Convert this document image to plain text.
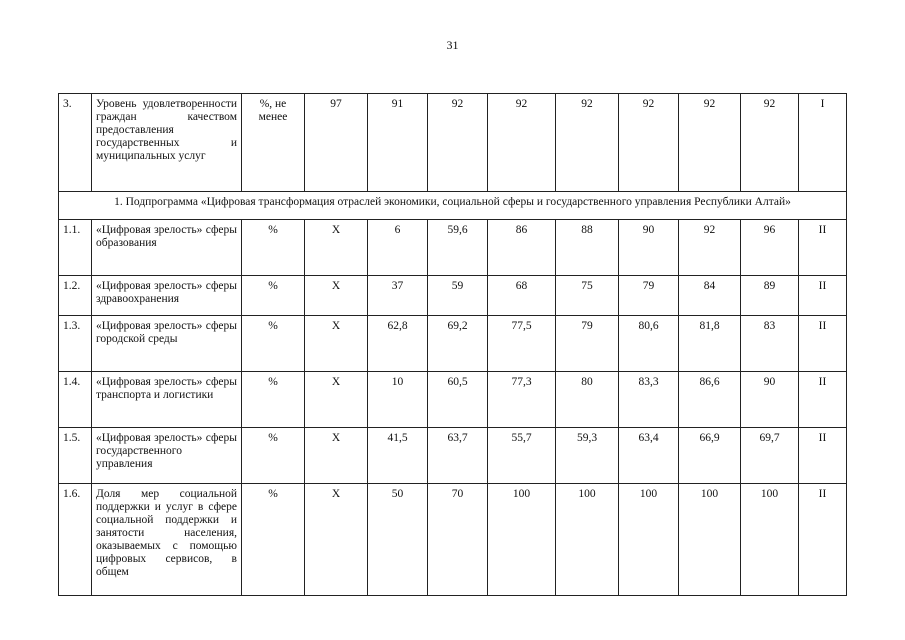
31
3.	Уровень удовлетворенности граждан качеством предоставления государственных и муниципальных услуг	%, не менее	97	91	92	92	92	92	92	92	I
1. Подпрограмма «Цифровая трансформация отраслей экономики, социальной сферы и государственного управления Республики Алтай»											
1.1.	«Цифровая зрелость» сферы образования	%	Х	6	59,6	86	88	90	92	96	II
1.2.	«Цифровая зрелость» сферы здравоохранения	%	Х	37	59	68	75	79	84	89	II
1.3.	«Цифровая зрелость» сферы городской среды	%	Х	62,8	69,2	77,5	79	80,6	81,8	83	II
1.4.	«Цифровая зрелость» сферы транспорта и логистики	%	Х	10	60,5	77,3	80	83,3	86,6	90	II
1.5.	«Цифровая зрелость» сферы государственного управления	%	Х	41,5	63,7	55,7	59,3	63,4	66,9	69,7	II
1.6.	Доля мер социальной поддержки и услуг в сфере социальной поддержки и занятости населения, оказываемых с помощью цифровых сервисов, в общем	%	Х	50	70	100	100	100	100	100	II
